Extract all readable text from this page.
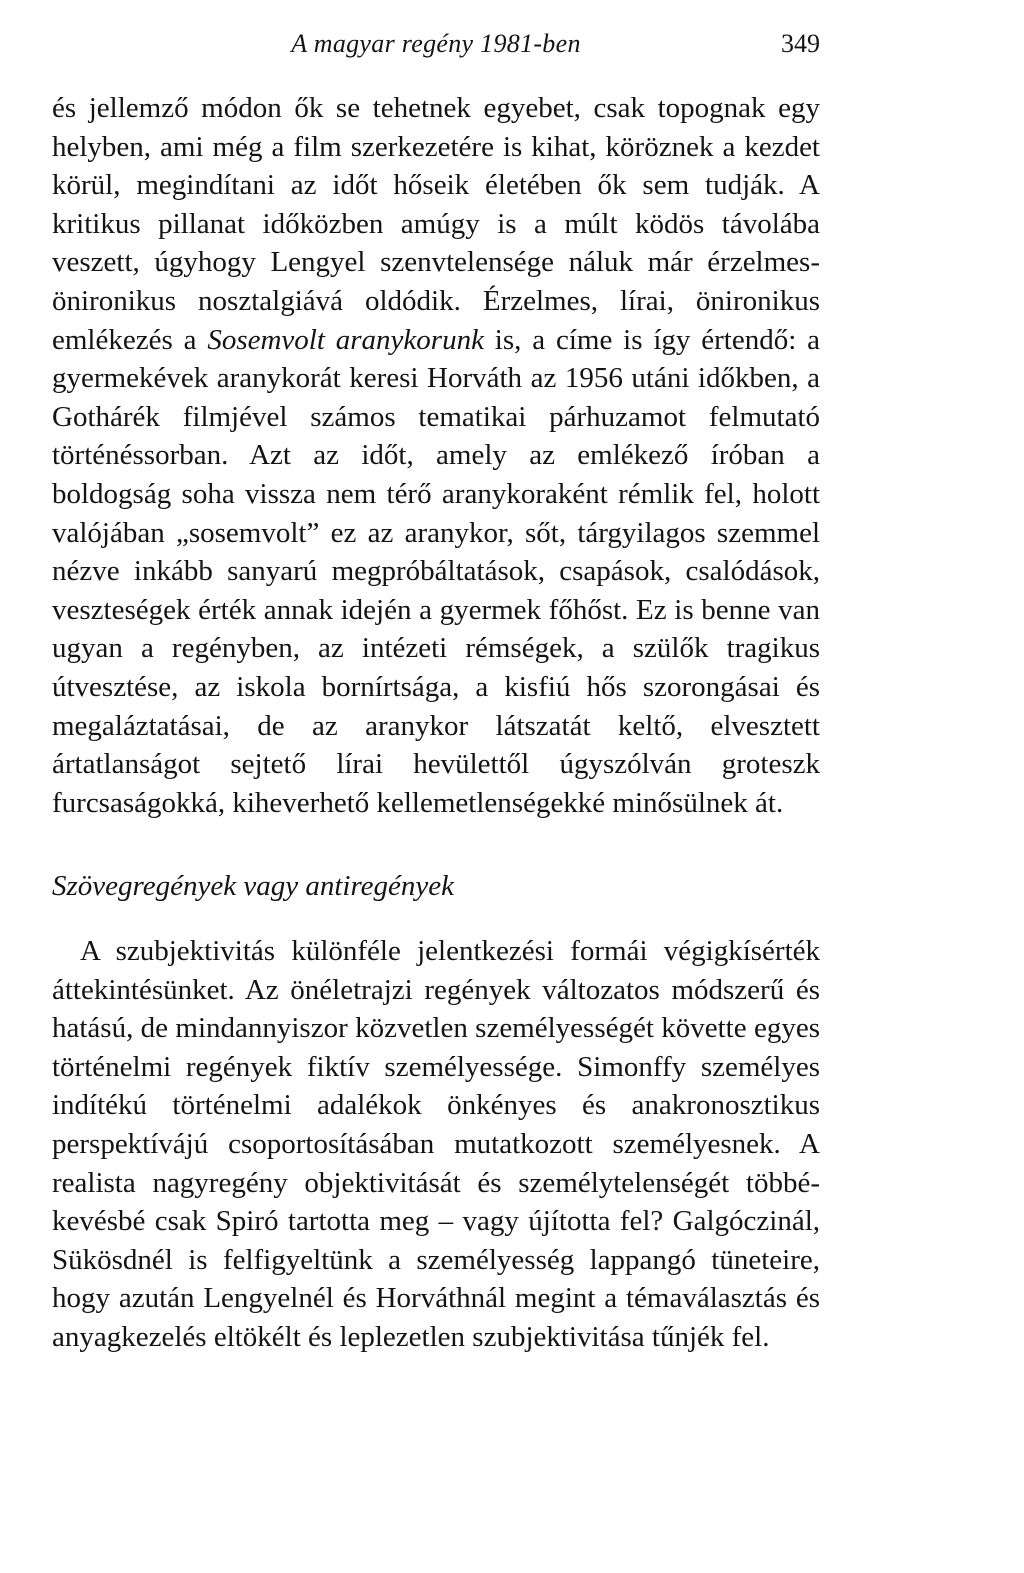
A magyar regény 1981-ben	349

és jellemző módon ők se tehetnek egyebet, csak topognak egy helyben, ami még a film szerkezetére is kihat, köröznek a kezdet körül, megindítani az időt hőseik életében ők sem tudják. A kritikus pillanat időközben amúgy is a múlt ködös távolába veszett, úgyhogy Lengyel szenvtelensége náluk már érzelmes-önironikus nosztalgiává oldódik. Érzelmes, lírai, önironikus emlékezés a Sosemvolt aranykorunk is, a címe is így értendő: a gyermekévek aranykorát keresi Horváth az 1956 utáni időkben, a Gothárék filmjével számos tematikai párhuzamot felmutató történéssorban. Azt az időt, amely az emlékező íróban a boldogság soha vissza nem térő aranykoraként rémlik fel, holott valójában „sosemvolt” ez az aranykor, sőt, tárgyilagos szemmel nézve inkább sanyarú megpróbáltatások, csapások, csalódások, veszteségek érték annak idején a gyermek főhőst. Ez is benne van ugyan a regényben, az intézeti rémségek, a szülők tragikus útvesztése, az iskola bornírtsága, a kisfiú hős szorongásai és megaláztatásai, de az aranykor látszatát keltő, elvesztett ártatlanságot sejtető lírai hevülettől úgyszólván groteszk furcsaságokká, kiheverhető kellemetlenségekké minősülnek át.

Szövegregények vagy antiregények

A szubjektivitás különféle jelentkezési formái végigkísérték áttekintésünket. Az önéletrajzi regények változatos módszerű és hatású, de mindannyiszor közvetlen személyességét követte egyes történelmi regények fiktív személyessége. Simonffy személyes indítékú történelmi adalékok önkényes és anakronosztikus perspektívájú csoportosításában mutatkozott személyesnek. A realista nagyregény objektivitását és személytelenségét többé-kevésbé csak Spiró tartotta meg – vagy újította fel? Galgóczinál, Sükösdnél is felfigyeltünk a személyesség lappangó tüneteire, hogy azután Lengyelnél és Horváthnál megint a témaválasztás és anyagkezelés eltökélt és leplezetlen szubjektivitása tűnjék fel.
